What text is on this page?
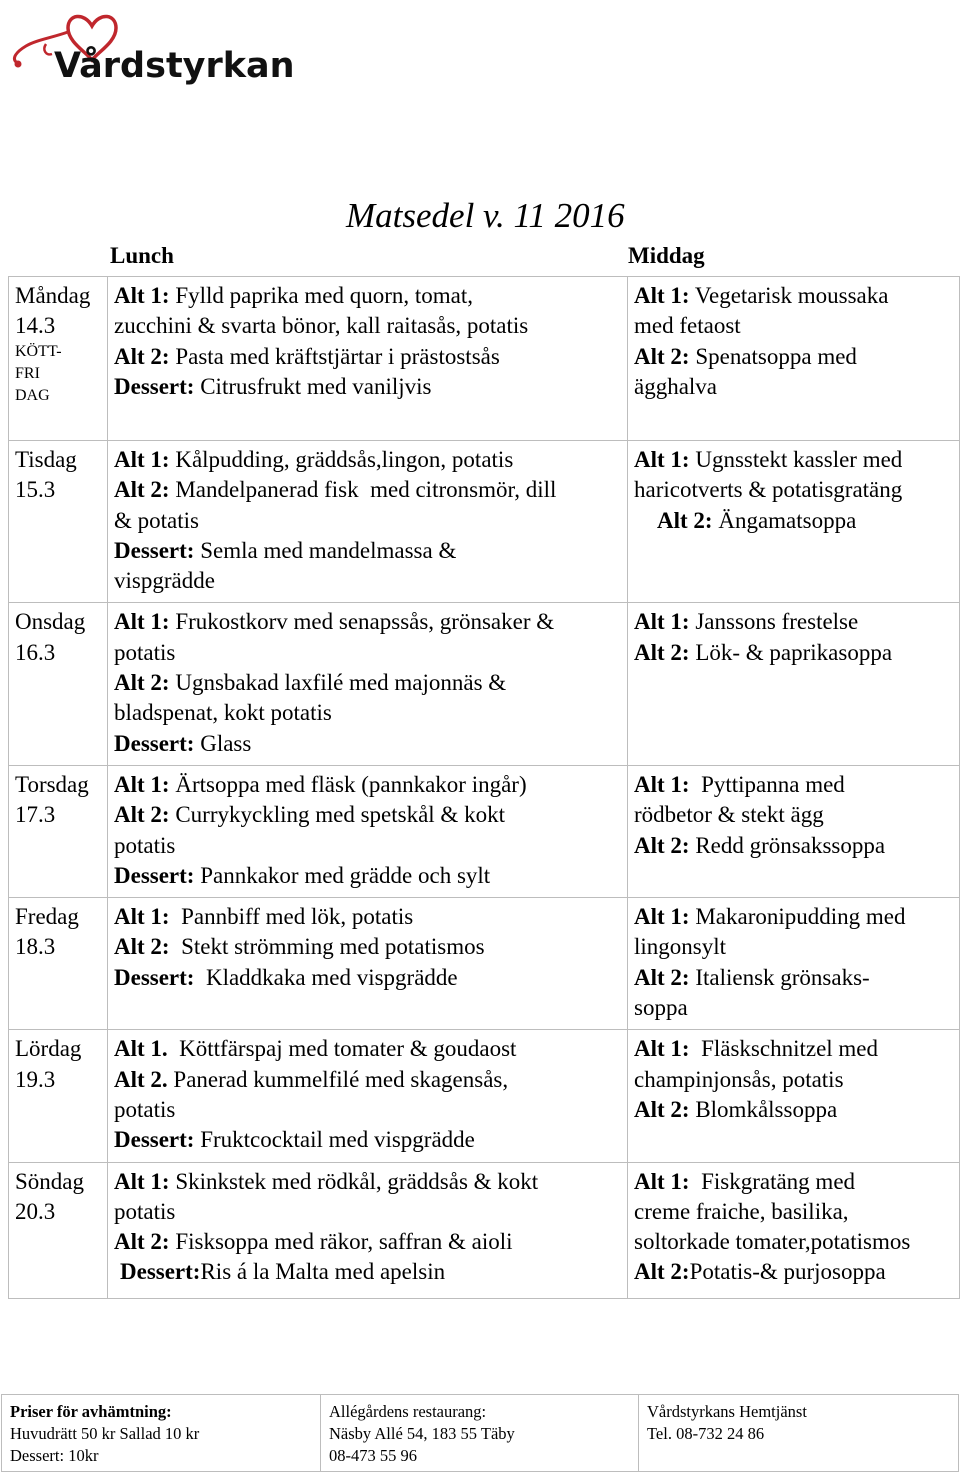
Vårdstyrkan
Matsedel v. 11 2016
Lunch	Middag
Måndag
14.3
KÖTT-
FRI
DAG	Alt 1: Fylld paprika med quorn, tomat,
zucchini & svarta bönor, kall raitasås, potatis
Alt 2: Pasta med kräftstjärtar i prästostsås
Dessert: Citrusfrukt med vaniljvis	Alt 1: Vegetarisk moussaka
med fetaost
Alt 2: Spenatsoppa med
ägghalva

Tisdag
15.3	Alt 1: Kålpudding, gräddsås,lingon, potatis
Alt 2: Mandelpanerad fisk  med citronsmör, dill
& potatis
Dessert: Semla med mandelmassa &
vispgrädde	Alt 1: Ugnsstekt kassler med
haricotverts & potatisgratäng
Alt 2: Ängamatsoppa

Onsdag
16.3	Alt 1: Frukostkorv med senapssås, grönsaker &
potatis
Alt 2: Ugnsbakad laxfilé med majonnäs &
bladspenat, kokt potatis
Dessert: Glass	Alt 1: Janssons frestelse
Alt 2: Lök- & paprikasoppa

Torsdag
17.3	Alt 1: Ärtsoppa med fläsk (pannkakor ingår)
Alt 2: Currykyckling med spetskål & kokt
potatis
Dessert: Pannkakor med grädde och sylt	Alt 1:  Pyttipanna med
rödbetor & stekt ägg
Alt 2: Redd grönsakssoppa

Fredag
18.3	Alt 1:  Pannbiff med lök, potatis
Alt 2:  Stekt strömming med potatismos
Dessert:  Kladdkaka med vispgrädde	Alt 1: Makaronipudding med
lingonsylt
Alt 2: Italiensk grönsaks-
soppa

Lördag
19.3	Alt 1.  Köttfärspaj med tomater & goudaost
Alt 2. Panerad kummelfilé med skagensås,
potatis
Dessert: Fruktcocktail med vispgrädde	Alt 1:  Fläskschnitzel med
champinjonsås, potatis
Alt 2: Blomkålssoppa

Söndag
20.3	Alt 1: Skinkstek med rödkål, gräddsås & kokt
potatis
Alt 2: Fisksoppa med räkor, saffran & aioli
Dessert:Ris á la Malta med apelsin	Alt 1:  Fiskgratäng med
creme fraiche, basilika,
soltorkade tomater,potatismos
Alt 2:Potatis-& purjosoppa
Priser för avhämtning:
Huvudrätt 50 kr Sallad 10 kr
Dessert: 10kr

Allégårdens restaurang:
Näsby Allé 54, 183 55 Täby
08-473 55 96

Vårdstyrkans Hemtjänst
Tel. 08-732 24 86
